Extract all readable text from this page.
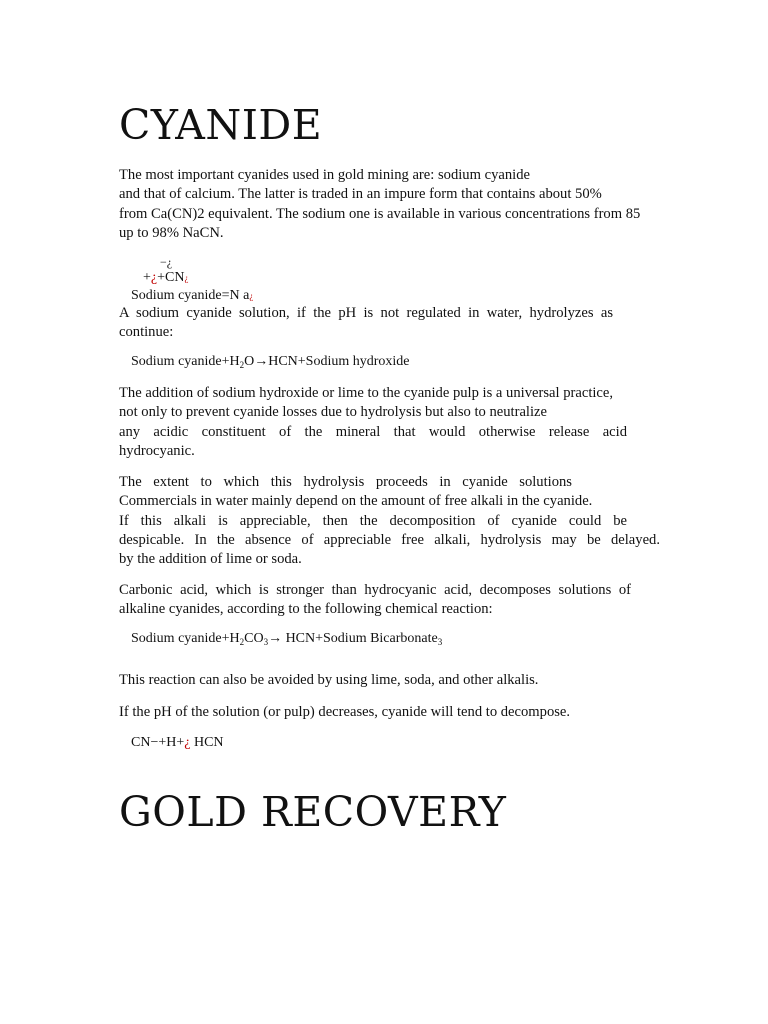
CYANIDE

The most important cyanides used in gold mining are: sodium cyanide
and that of calcium. The latter is traded in an impure form that contains about 50%
from Ca(CN)2 equivalent. The sodium one is available in various concentrations from 85
up to 98% NaCN.

−¿
+¿+CN¿
Sodium cyanide=N a¿

A sodium cyanide solution, if the pH is not regulated in water, hydrolyzes as
continue:

Sodium $cyanide+H_2O\to HCN+Sodium$ hydroxide

The addition of sodium hydroxide or lime to the cyanide pulp is a universal practice,
not only to prevent cyanide losses due to hydrolysis but also to neutralize
any acidic constituent of the mineral that would otherwise release acid
hydrocyanic.

The extent to which this hydrolysis proceeds in cyanide solutions
Commercials in water mainly depend on the amount of free alkali in the cyanide.
If this alkali is appreciable, then the decomposition of cyanide could be
despicable. In the absence of appreciable free alkali, hydrolysis may be delayed.
by the addition of lime or soda.

Carbonic acid, which is stronger than hydrocyanic acid, decomposes solutions of
alkaline cyanides, according to the following chemical reaction:

Sodium $cyanide+H_2CO_3\to$ HCN+Sodium Bicarbonate$_3$

This reaction can also be avoided by using lime, soda, and other alkalis.

If the pH of the solution (or pulp) decreases, cyanide will tend to decompose.

CN−+H+¿ HCN
GOLD RECOVERY
